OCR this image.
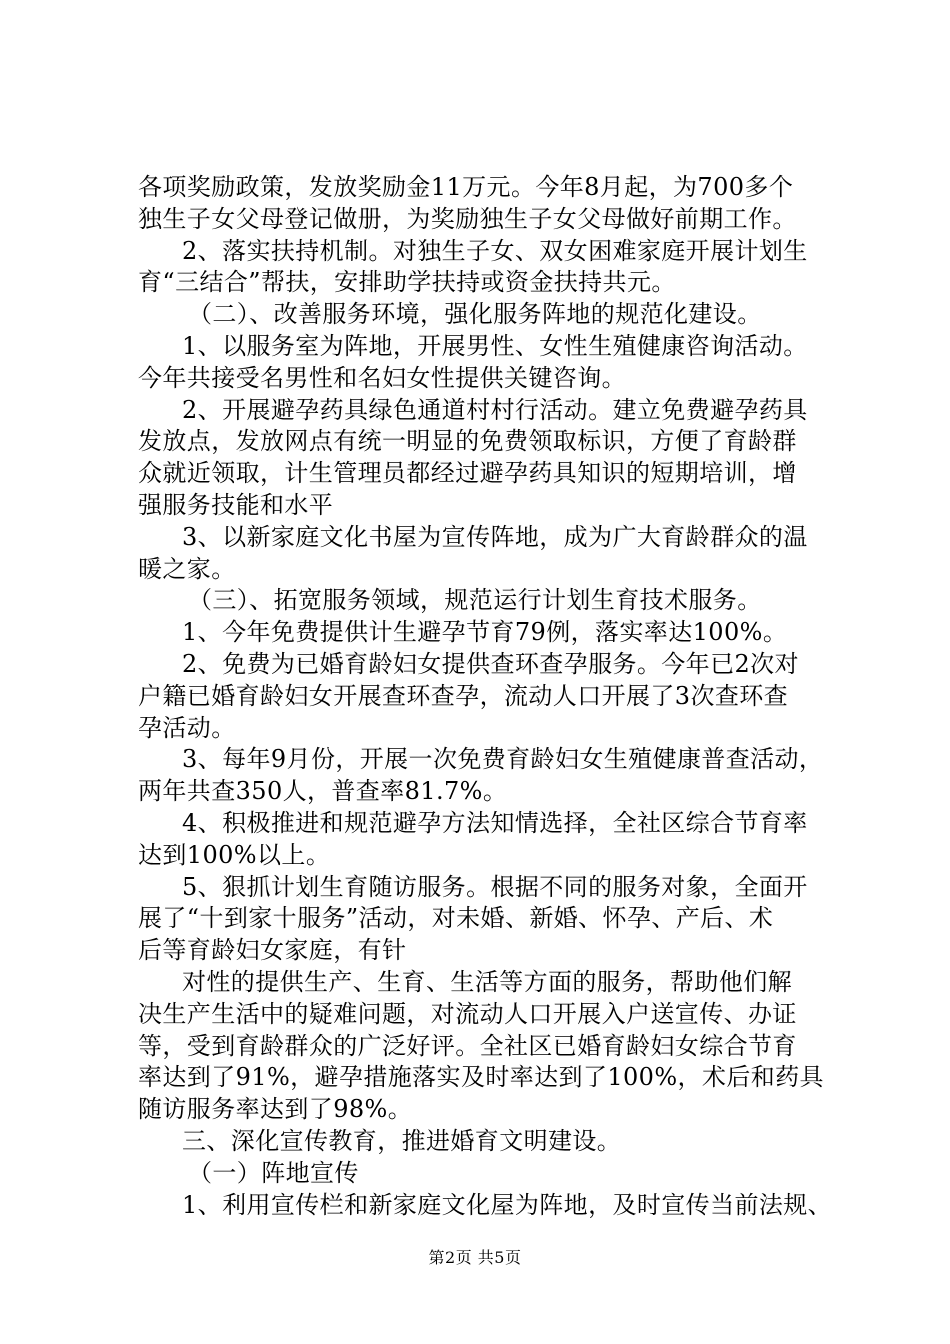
各项奖励政策，发放奖励金11万元。今年8月起，为700多个
独生子女父母登记做册，为奖励独生子女父母做好前期工作。
2、落实扶持机制。对独生子女、双女困难家庭开展计划生
育“三结合”帮扶，安排助学扶持或资金扶持共元。
（二）、改善服务环境，强化服务阵地的规范化建设。
1、以服务室为阵地，开展男性、女性生殖健康咨询活动。
今年共接受名男性和名妇女性提供关键咨询。
2、开展避孕药具绿色通道村村行活动。建立免费避孕药具
发放点，发放网点有统一明显的免费领取标识，方便了育龄群
众就近领取，计生管理员都经过避孕药具知识的短期培训，增
强服务技能和水平
3、以新家庭文化书屋为宣传阵地，成为广大育龄群众的温
暖之家。
（三）、拓宽服务领域，规范运行计划生育技术服务。
1、今年免费提供计生避孕节育79例，落实率达100%。
2、免费为已婚育龄妇女提供查环查孕服务。今年已2次对
户籍已婚育龄妇女开展查环查孕，流动人口开展了3次查环查
孕活动。
3、每年9月份，开展一次免费育龄妇女生殖健康普查活动，
两年共查350人，普查率81.7%。
4、积极推进和规范避孕方法知情选择，全社区综合节育率
达到100%以上。
5、狠抓计划生育随访服务。根据不同的服务对象，全面开
展了“十到家十服务”活动，对未婚、新婚、怀孕、产后、术
后等育龄妇女家庭，有针
对性的提供生产、生育、生活等方面的服务，帮助他们解
决生产生活中的疑难问题，对流动人口开展入户送宣传、办证
等，受到育龄群众的广泛好评。全社区已婚育龄妇女综合节育
率达到了91%，避孕措施落实及时率达到了100%，术后和药具
随访服务率达到了98%。
三、深化宣传教育，推进婚育文明建设。
（一）阵地宣传
1、利用宣传栏和新家庭文化屋为阵地，及时宣传当前法规、
第2页 共5页
